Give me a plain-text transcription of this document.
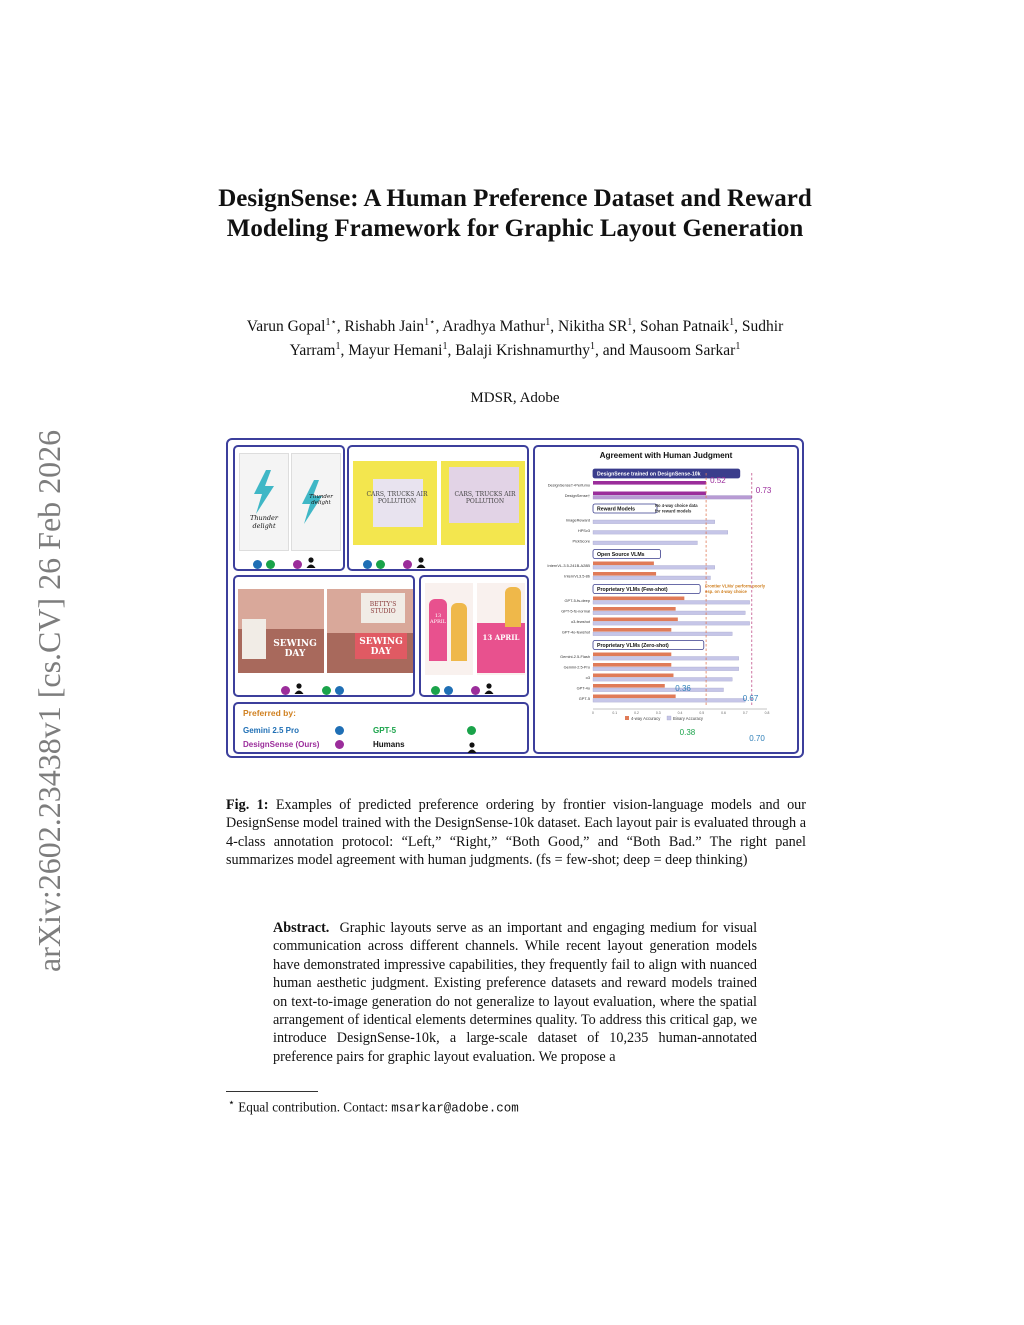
arXiv:2602.23438v1 [cs.CV] 26 Feb 2026
DesignSense: A Human Preference Dataset and Reward Modeling Framework for Graphic Layout Generation
Varun Gopal$^{1⋆}$, Rishabh Jain$^{1⋆}$, Aradhya Mathur$^1$, Nikitha $SR^1$, Sohan Patnaik$^1$, Sudhir Yarram$^1$, Mayur Hemani$^1$, Balaji Krishnamurthy$^1$, and Mausoom Sarkar$^1$
MDSR, Adobe
Thunder delight
Thunder delight
CARS, TRUCKS AIR POLLUTION
CARS, TRUCKS AIR POLLUTION
SEWING DAY
BETTY'S STUDIO
SEWING DAY
13 APRIL
13 APRIL
Preferred by:
Gemini 2.5 Pro	GPT-5
DesignSense (Ours)	Humans
Agreement with Human Judgment
DesignSense trained on DesignSense-10k
DesignSense†+Perfumo
DesignSense†
Reward Models
No 4-way choice data
for reward models
ImageReward
HPSv3
PickScore
Open Source VLMs
InternVL-3.5-241B-A28B
InternVL3.5-8b
Proprietary VLMs (Few-shot)
Frontier VLMs' perform poorly
esp. on 4-way choice
GPT-5-fs-deep
GPT-5-fs-normal
o3-fewshot
GPT-4o-fewshot
Proprietary VLMs (Zero-shot)
Gemini-2.5-Flash
Gemini-2.5-Pro
o3
GPT-4o
GPT-5
0.52
0.73
0.36
0.67
0.38
0.70
0	0.1	0.2	0.3	0.4	0.5	0.6	0.7	0.8
4-way Accuracy	Binary Accuracy

Fig. 1: Examples of predicted preference ordering by frontier vision-language models and our DesignSense model trained with the DesignSense-10k dataset. Each layout pair is evaluated through a 4-class annotation protocol: “Left,” “Right,” “Both Good,” and “Both Bad.” The right panel summarizes model agreement with human judgments. (fs = few-shot; deep = deep thinking)

Abstract. Graphic layouts serve as an important and engaging medium for visual communication across different channels. While recent layout generation models have demonstrated impressive capabilities, they frequently fail to align with nuanced human aesthetic judgment. Existing preference datasets and reward models trained on text-to-image generation do not generalize to layout evaluation, where the spatial arrangement of identical elements determines quality. To address this critical gap, we introduce DesignSense-10k, a large-scale dataset of 10,235 human-annotated preference pairs for graphic layout evaluation. We propose a

⋆ Equal contribution. Contact: msarkar@adobe.com
